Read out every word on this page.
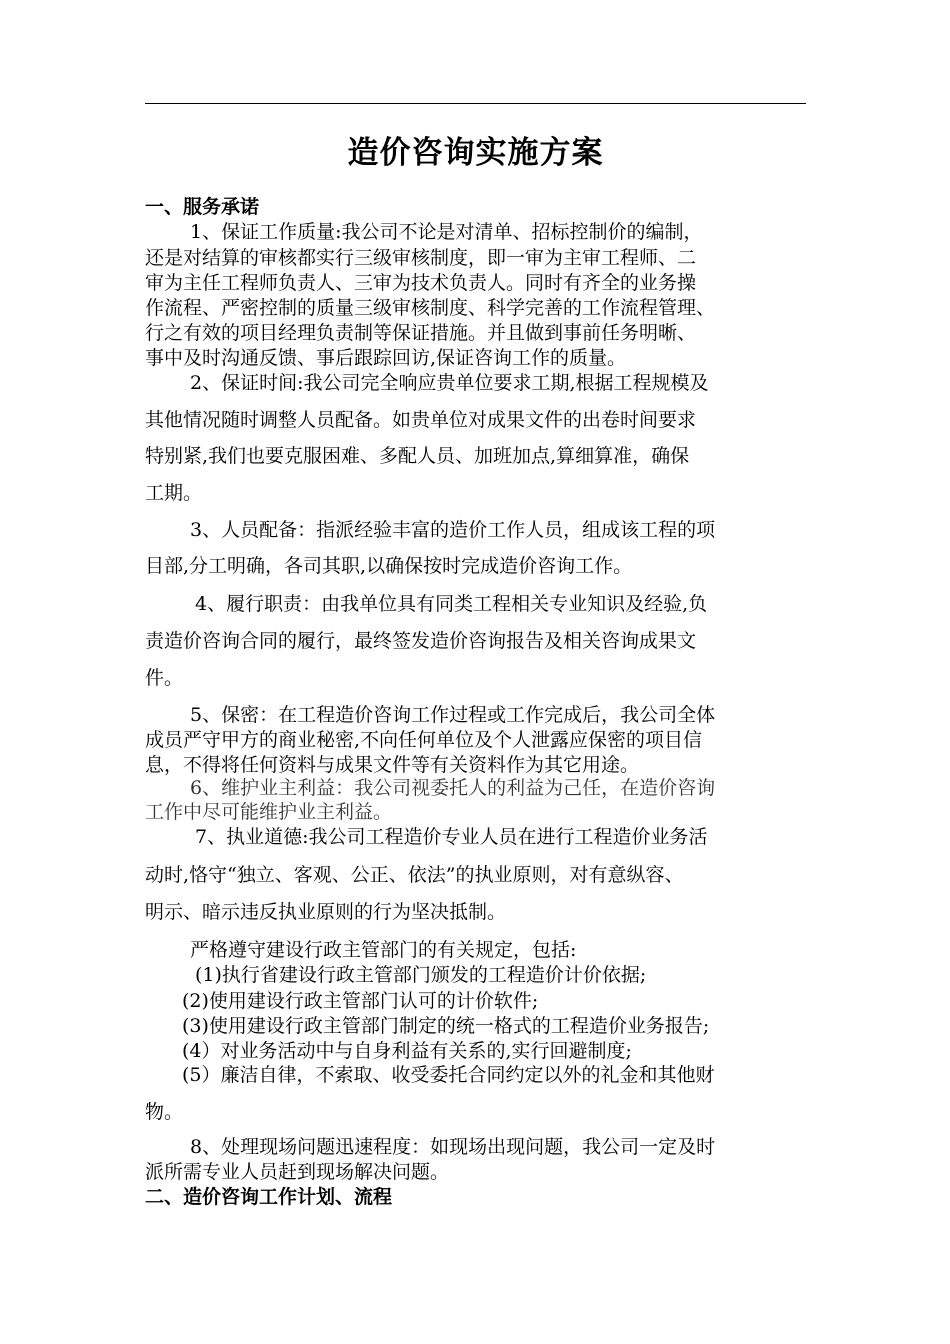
造价咨询实施方案
一、服务承诺
1、保证工作质量:我公司不论是对清单、招标控制价的编制，
还是对结算的审核都实行三级审核制度，即一审为主审工程师、二
审为主任工程师负责人、三审为技术负责人。同时有齐全的业务操
作流程、严密控制的质量三级审核制度、科学完善的工作流程管理、
行之有效的项目经理负责制等保证措施。并且做到事前任务明晰、
事中及时沟通反馈、事后跟踪回访,保证咨询工作的质量。
2、保证时间:我公司完全响应贵单位要求工期,根据工程规模及
其他情况随时调整人员配备。如贵单位对成果文件的出卷时间要求
特别紧,我们也要克服困难、多配人员、加班加点,算细算准，确保
工期。
3、人员配备：指派经验丰富的造价工作人员，组成该工程的项
目部,分工明确，各司其职,以确保按时完成造价咨询工作。
4、履行职责：由我单位具有同类工程相关专业知识及经验,负
责造价咨询合同的履行，最终签发造价咨询报告及相关咨询成果文
件。
5、保密：在工程造价咨询工作过程或工作完成后，我公司全体
成员严守甲方的商业秘密,不向任何单位及个人泄露应保密的项目信
息，不得将任何资料与成果文件等有关资料作为其它用途。
6、维护业主利益：我公司视委托人的利益为己任，在造价咨询
工作中尽可能维护业主利益。
7、执业道德:我公司工程造价专业人员在进行工程造价业务活
动时,恪守“独立、客观、公正、依法”的执业原则，对有意纵容、
明示、暗示违反执业原则的行为坚决抵制。
严格遵守建设行政主管部门的有关规定，包括:
(1)执行省建设行政主管部门颁发的工程造价计价依据;
(2)使用建设行政主管部门认可的计价软件;
(3)使用建设行政主管部门制定的统一格式的工程造价业务报告;
(4）对业务活动中与自身利益有关系的,实行回避制度;
(5）廉洁自律，不索取、收受委托合同约定以外的礼金和其他财
物。
8、处理现场问题迅速程度：如现场出现问题，我公司一定及时
派所需专业人员赶到现场解决问题。
二、造价咨询工作计划、流程
